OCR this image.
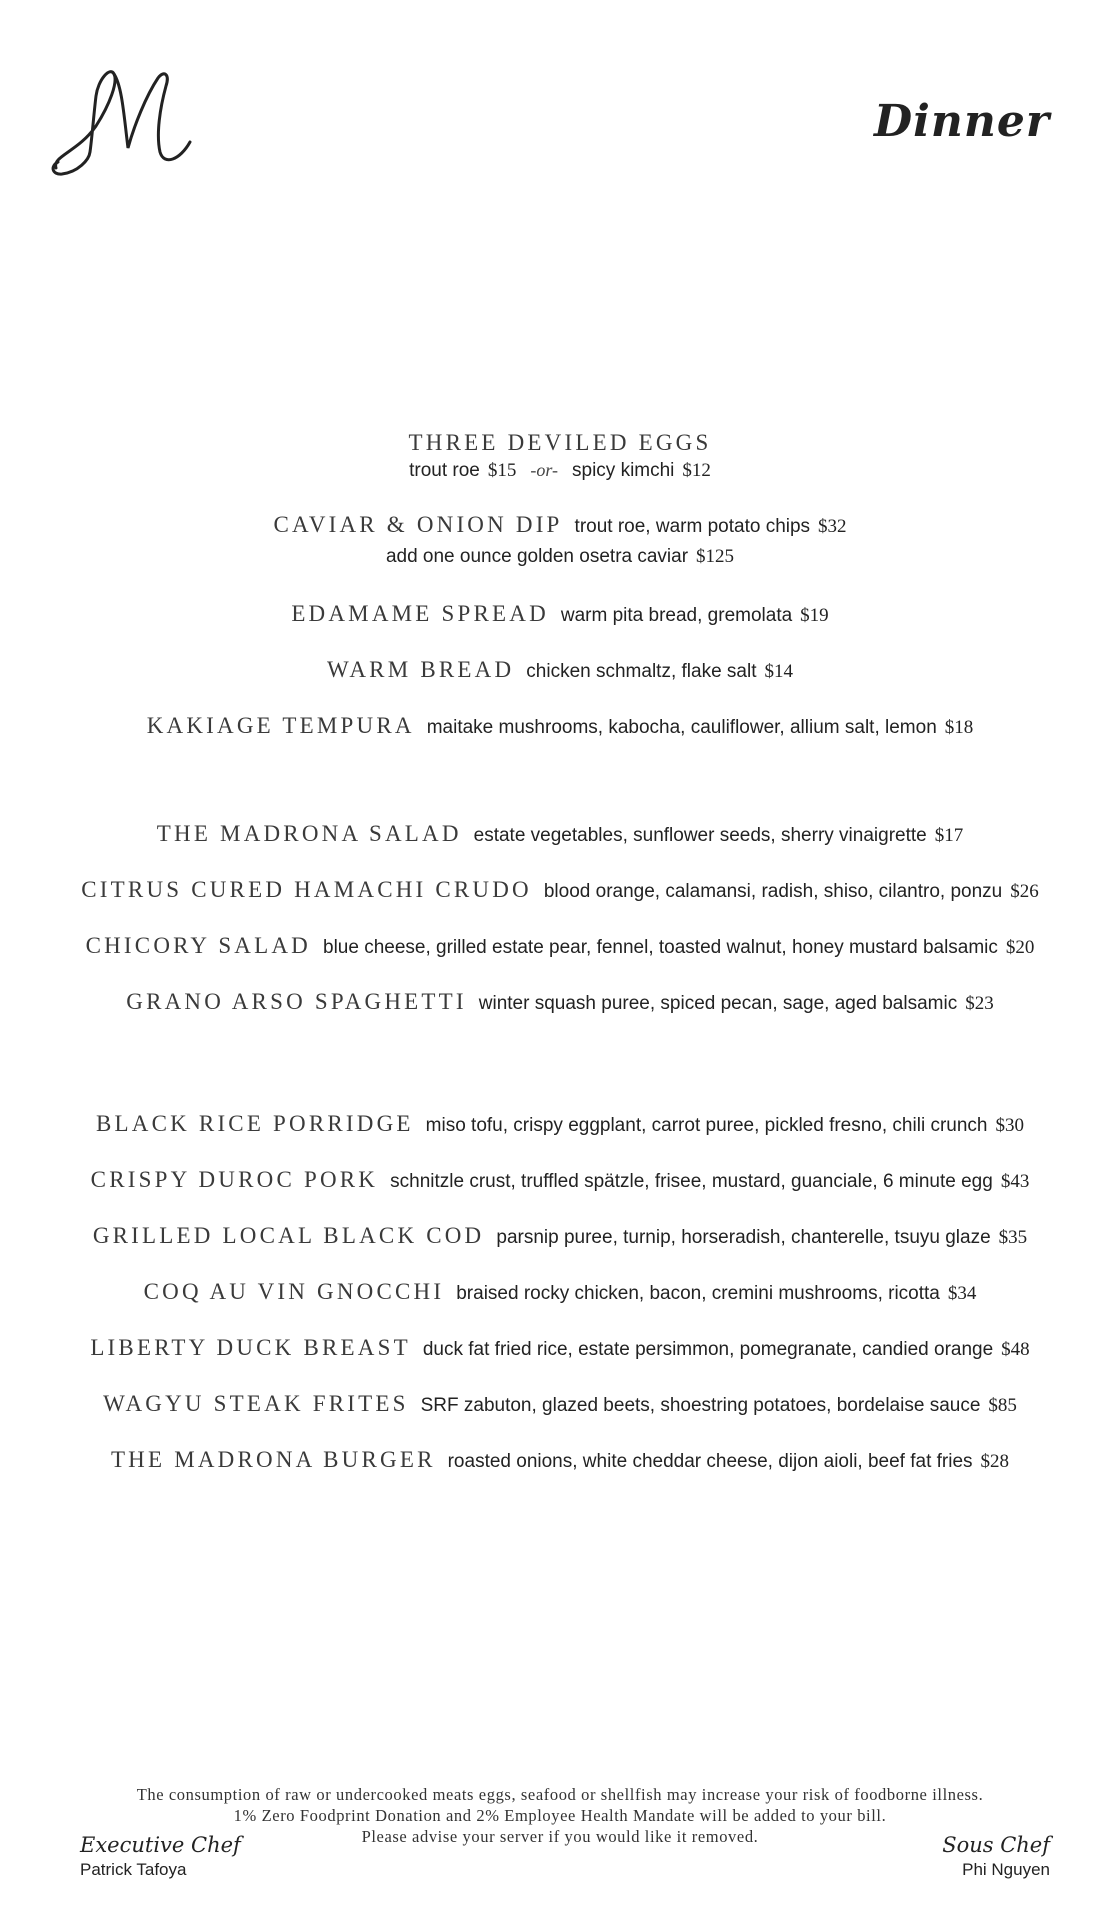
Dinner
THREE DEVILED EGGS
trout roe $15 -or- spicy kimchi $12
CAVIAR & ONION DIP trout roe, warm potato chips $32
add one ounce golden osetra caviar $125
EDAMAME SPREAD warm pita bread, gremolata $19
WARM BREAD chicken schmaltz, flake salt $14
KAKIAGE TEMPURA maitake mushrooms, kabocha, cauliflower, allium salt, lemon $18
THE MADRONA SALAD estate vegetables, sunflower seeds, sherry vinaigrette $17
CITRUS CURED HAMACHI CRUDO blood orange, calamansi, radish, shiso, cilantro, ponzu $26
CHICORY SALAD blue cheese, grilled estate pear, fennel, toasted walnut, honey mustard balsamic $20
GRANO ARSO SPAGHETTI winter squash puree, spiced pecan, sage, aged balsamic $23
BLACK RICE PORRIDGE miso tofu, crispy eggplant, carrot puree, pickled fresno, chili crunch $30
CRISPY DUROC PORK schnitzle crust, truffled spätzle, frisee, mustard, guanciale, 6 minute egg $43
GRILLED LOCAL BLACK COD parsnip puree, turnip, horseradish, chanterelle, tsuyu glaze $35
COQ AU VIN GNOCCHI braised rocky chicken, bacon, cremini mushrooms, ricotta $34
LIBERTY DUCK BREAST duck fat fried rice, estate persimmon, pomegranate, candied orange $48
WAGYU STEAK FRITES SRF zabuton, glazed beets, shoestring potatoes, bordelaise sauce $85
THE MADRONA BURGER roasted onions, white cheddar cheese, dijon aioli, beef fat fries $28
The consumption of raw or undercooked meats eggs, seafood or shellfish may increase your risk of foodborne illness.
1% Zero Foodprint Donation and 2% Employee Health Mandate will be added to your bill.
Please advise your server if you would like it removed.
Executive Chef
Patrick Tafoya
Sous Chef
Phi Nguyen
